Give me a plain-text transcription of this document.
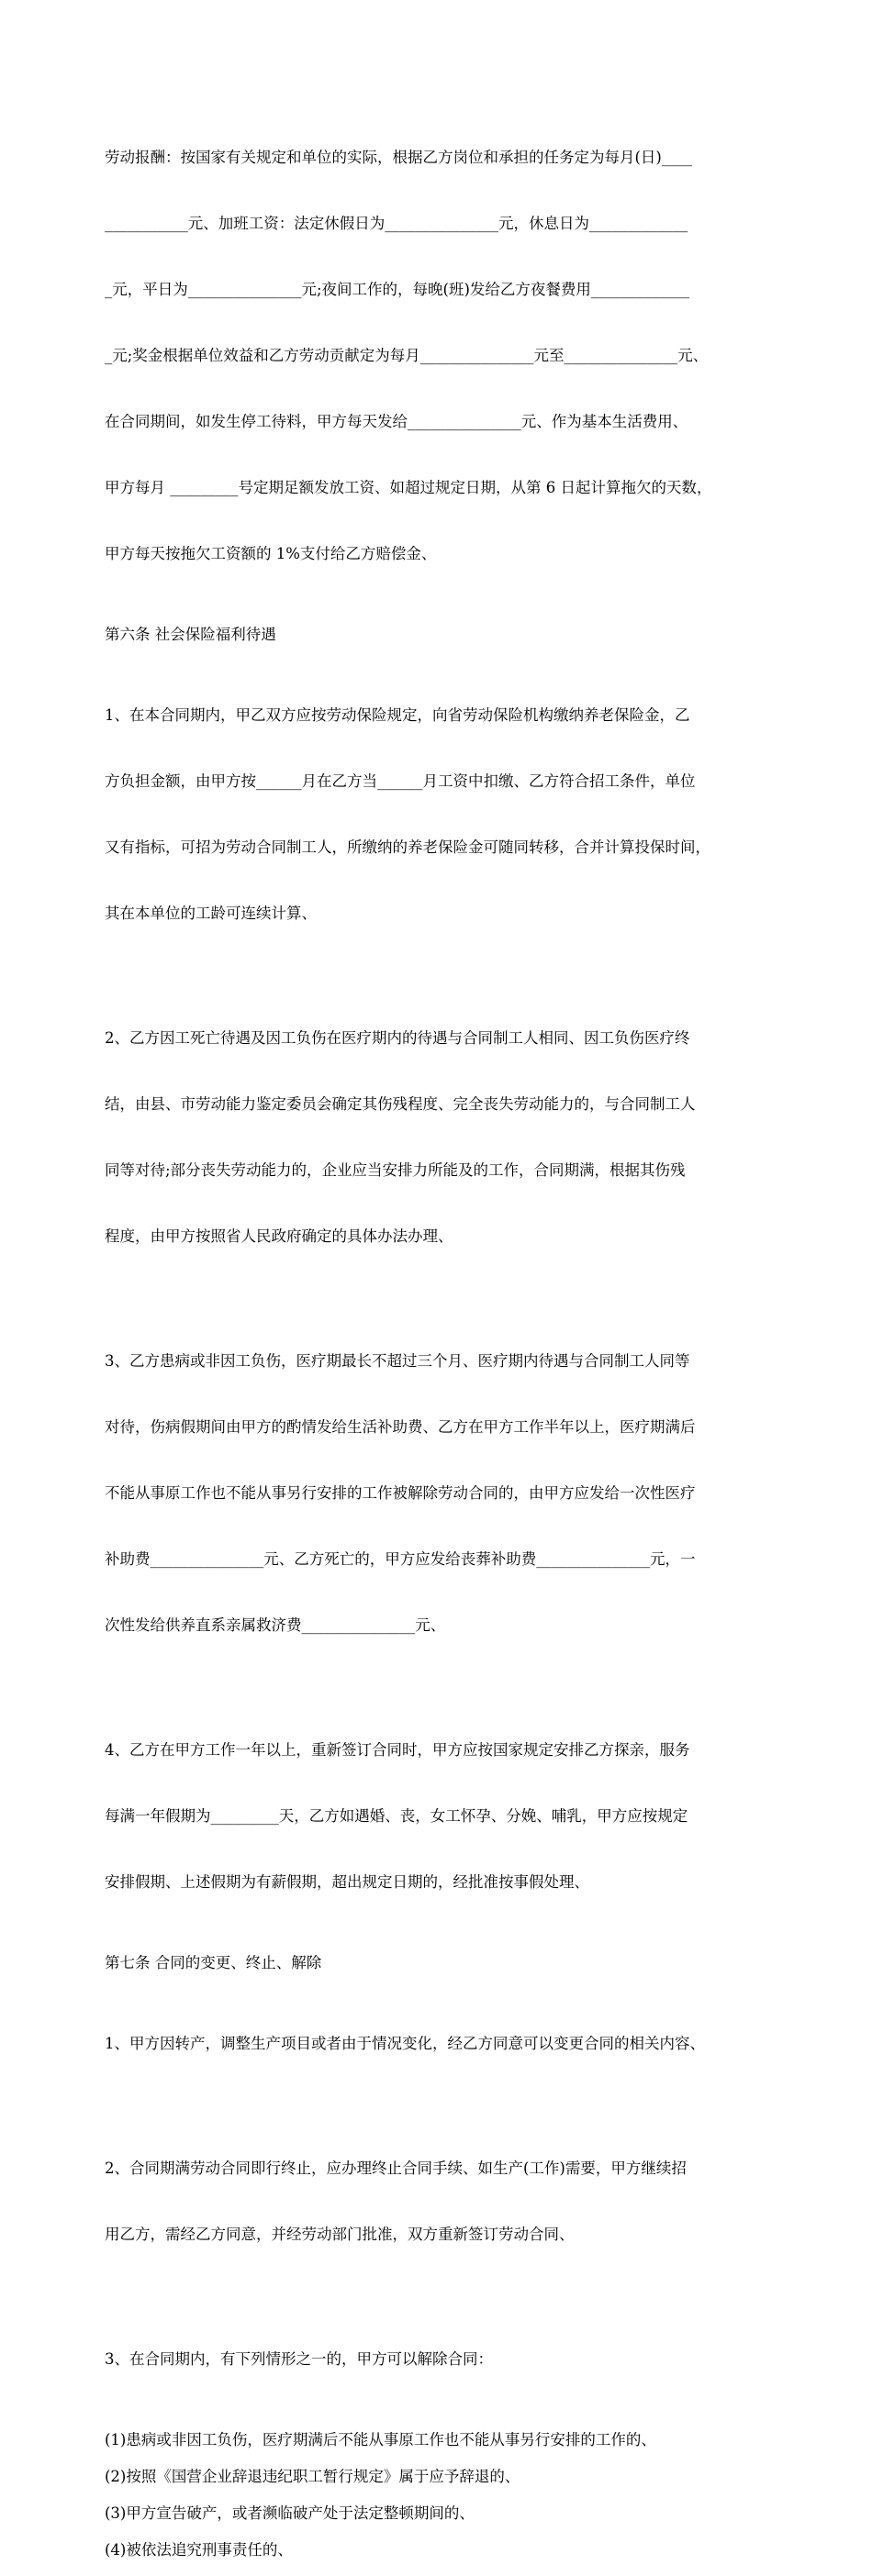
劳动报酬：按国家有关规定和单位的实际，根据乙方岗位和承担的任务定为每月(日)____

___________元、加班工资：法定休假日为_______________元，休息日为_____________

_元，平日为_______________元;夜间工作的，每晚(班)发给乙方夜餐费用_____________

_元;奖金根据单位效益和乙方劳动贡献定为每月_______________元至_______________元、

在合同期间，如发生停工待料，甲方每天发给_______________元、作为基本生活费用、

甲方每月 _________号定期足额发放工资、如超过规定日期，从第 6 日起计算拖欠的天数，

甲方每天按拖欠工资额的 1%支付给乙方赔偿金、

第六条 社会保险福利待遇

1、在本合同期内，甲乙双方应按劳动保险规定，向省劳动保险机构缴纳养老保险金，乙

方负担金额，由甲方按______月在乙方当______月工资中扣缴、乙方符合招工条件，单位

又有指标，可招为劳动合同制工人，所缴纳的养老保险金可随同转移，合并计算投保时间，

其在本单位的工龄可连续计算、

2、乙方因工死亡待遇及因工负伤在医疗期内的待遇与合同制工人相同、因工负伤医疗终

结，由县、市劳动能力鉴定委员会确定其伤残程度、完全丧失劳动能力的，与合同制工人

同等对待;部分丧失劳动能力的，企业应当安排力所能及的工作，合同期满，根据其伤残

程度，由甲方按照省人民政府确定的具体办法办理、

3、乙方患病或非因工负伤，医疗期最长不超过三个月、医疗期内待遇与合同制工人同等

对待，伤病假期间由甲方的酌情发给生活补助费、乙方在甲方工作半年以上，医疗期满后

不能从事原工作也不能从事另行安排的工作被解除劳动合同的，由甲方应发给一次性医疗

补助费_______________元、乙方死亡的，甲方应发给丧葬补助费_______________元，一

次性发给供养直系亲属救济费_______________元、

4、乙方在甲方工作一年以上，重新签订合同时，甲方应按国家规定安排乙方探亲，服务

每满一年假期为_________天，乙方如遇婚、丧，女工怀孕、分娩、哺乳，甲方应按规定

安排假期、上述假期为有薪假期，超出规定日期的，经批准按事假处理、

第七条 合同的变更、终止、解除

1、甲方因转产，调整生产项目或者由于情况变化，经乙方同意可以变更合同的相关内容、

2、合同期满劳动合同即行终止，应办理终止合同手续、如生产(工作)需要，甲方继续招

用乙方，需经乙方同意，并经劳动部门批准，双方重新签订劳动合同、

3、在合同期内，有下列情形之一的，甲方可以解除合同：

(1)患病或非因工负伤，医疗期满后不能从事原工作也不能从事另行安排的工作的、
(2)按照《国营企业辞退违纪职工暂行规定》属于应予辞退的、
(3)甲方宣告破产，或者濒临破产处于法定整顿期间的、
(4)被依法追究刑事责任的、
